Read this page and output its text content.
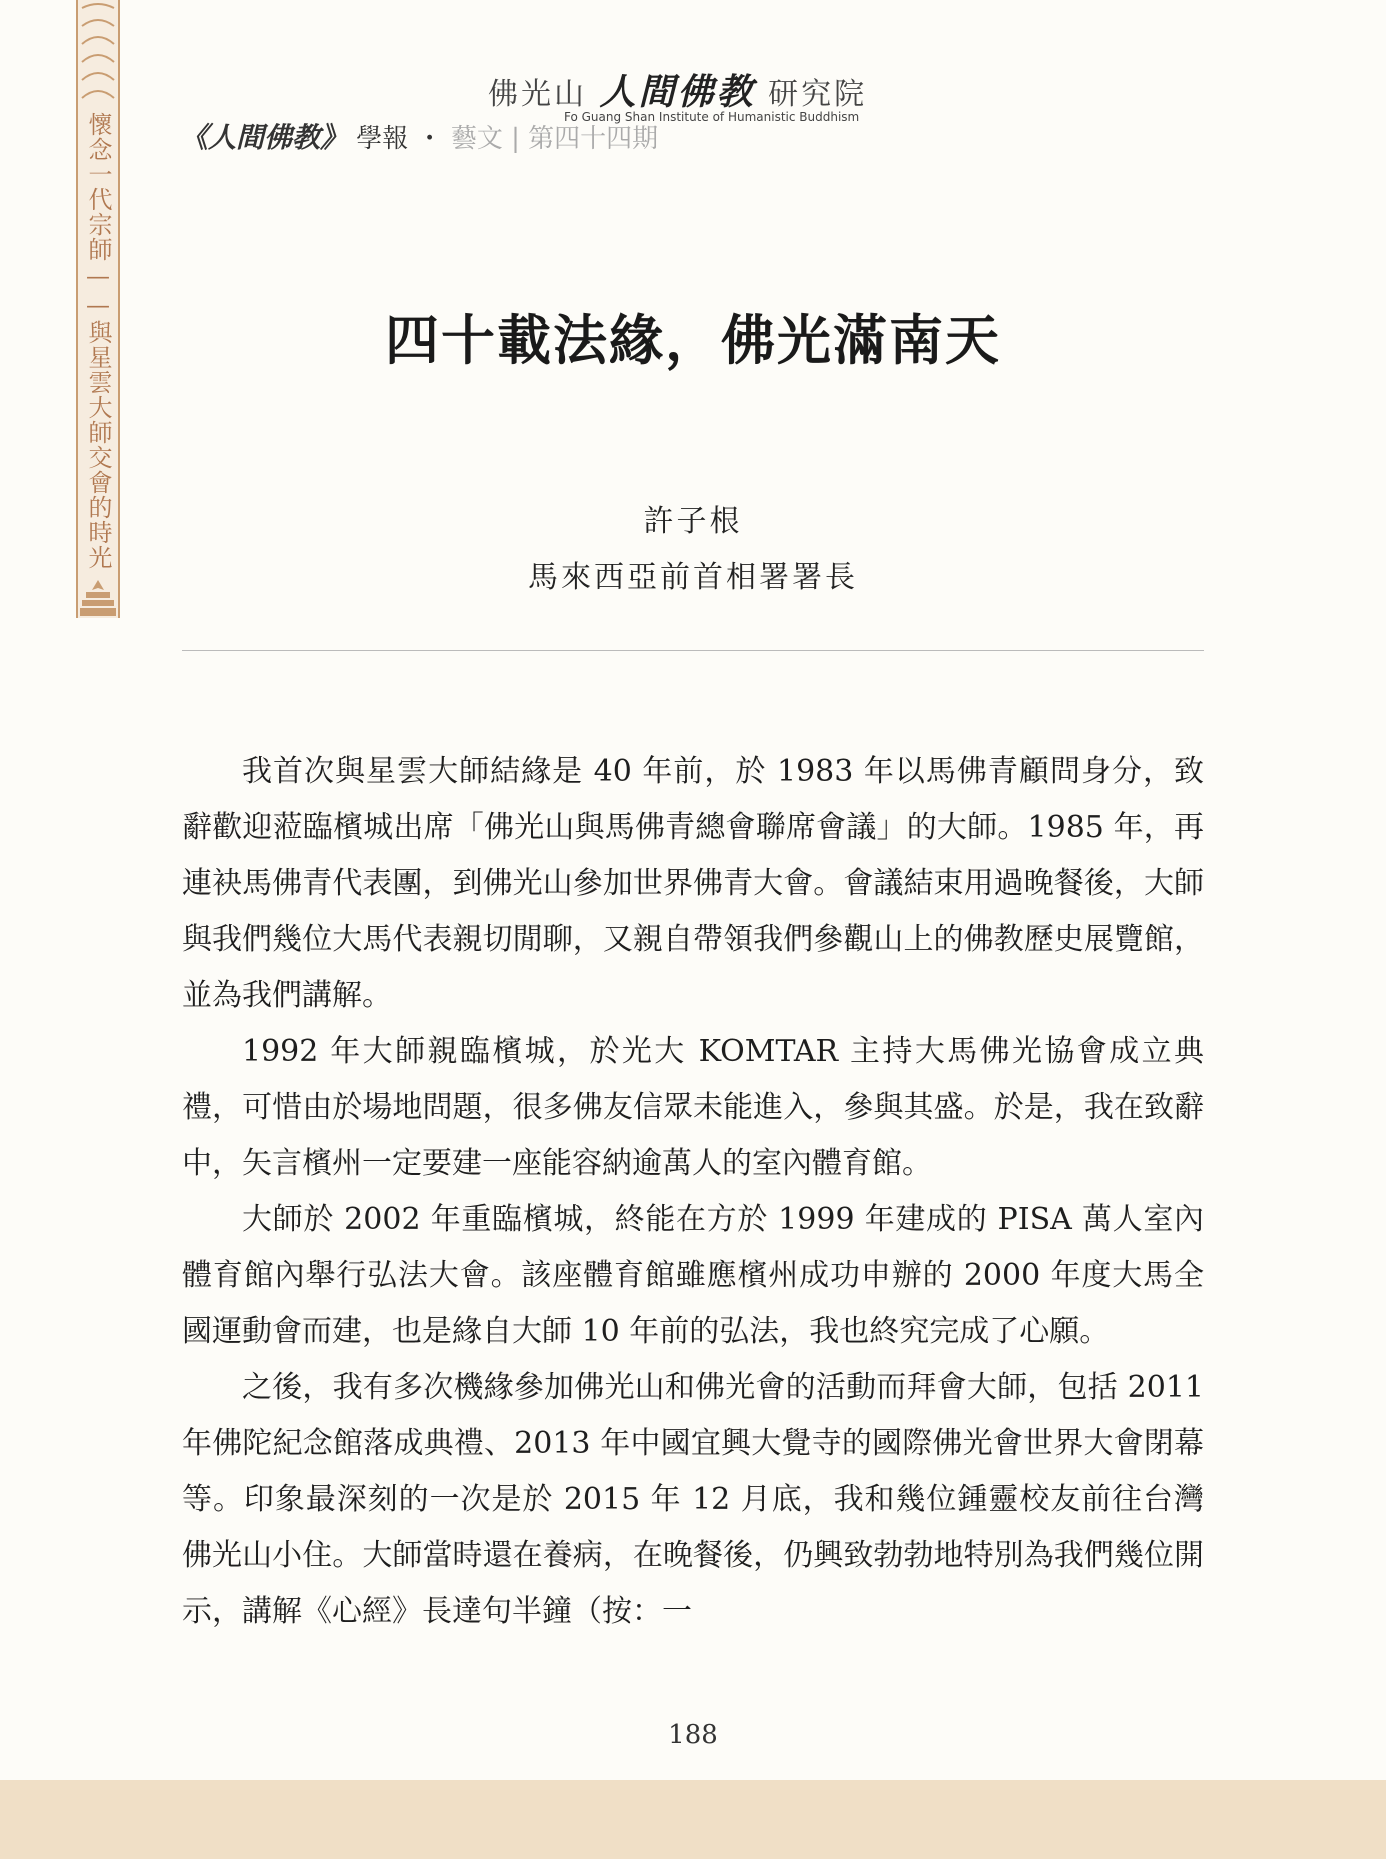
懷念一代宗師——與星雲大師交會的時光
佛光山 人間佛教 研究院
Fo Guang Shan Institute of Humanistic Buddhism
《人間佛教》 學報 ・ 藝文 | 第四十四期
四十載法緣，佛光滿南天
許子根
馬來西亞前首相署署長

我首次與星雲大師結緣是 40 年前，於 1983 年以馬佛青顧問身分，致辭歡迎蒞臨檳城出席「佛光山與馬佛青總會聯席會議」的大師。1985 年，再連袂馬佛青代表團，到佛光山參加世界佛青大會。會議結束用過晚餐後，大師與我們幾位大馬代表親切閒聊，又親自帶領我們參觀山上的佛教歷史展覽館，並為我們講解。

1992 年大師親臨檳城，於光大 KOMTAR 主持大馬佛光協會成立典禮，可惜由於場地問題，很多佛友信眾未能進入，參與其盛。於是，我在致辭中，矢言檳州一定要建一座能容納逾萬人的室內體育館。

大師於 2002 年重臨檳城，終能在方於 1999 年建成的 PISA 萬人室內體育館內舉行弘法大會。該座體育館雖應檳州成功申辦的 2000 年度大馬全國運動會而建，也是緣自大師 10 年前的弘法，我也終究完成了心願。

之後，我有多次機緣參加佛光山和佛光會的活動而拜會大師，包括 2011 年佛陀紀念館落成典禮、2013 年中國宜興大覺寺的國際佛光會世界大會閉幕等。印象最深刻的一次是於 2015 年 12 月底，我和幾位鍾靈校友前往台灣佛光山小住。大師當時還在養病，在晚餐後，仍興致勃勃地特別為我們幾位開示，講解《心經》長達句半鐘（按：一

188
